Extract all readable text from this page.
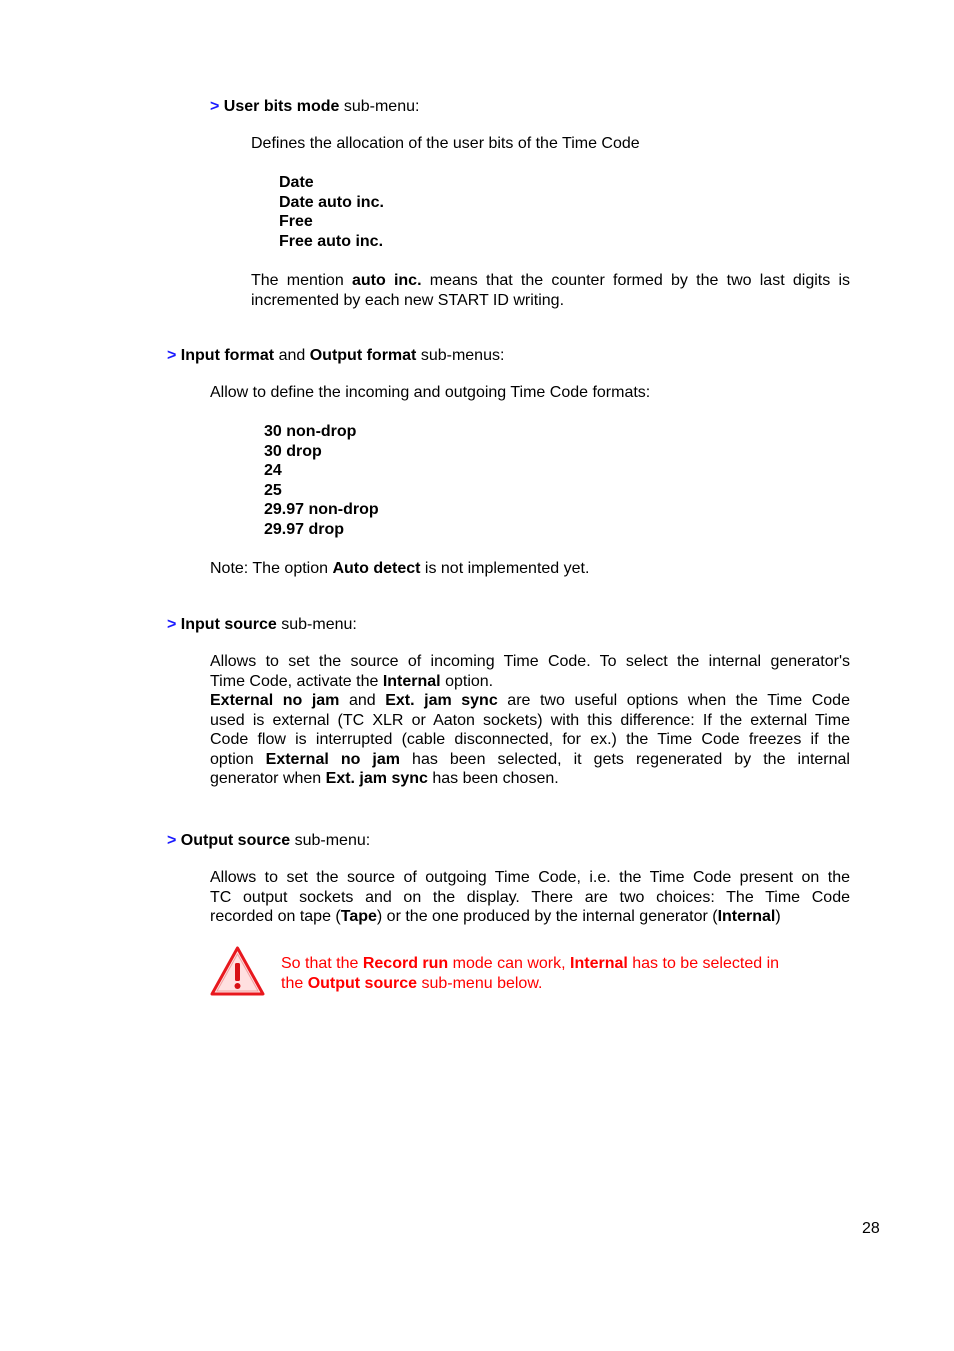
> User bits mode sub-menu:
Defines the allocation of the user bits of the Time Code
Date
Date auto inc.
Free
Free auto inc.
The mention auto inc. means that the counter formed by the two last digits is
incremented by each new START ID writing.
> Input format and Output format sub-menus:
Allow to define the incoming and outgoing Time Code formats:
30 non-drop
30 drop
24
25
29.97 non-drop
29.97 drop
Note: The option Auto detect is not implemented yet.
> Input source sub-menu:
Allows to set the source of incoming Time Code. To select the internal generator's
Time Code, activate the Internal option.
External no jam and Ext. jam sync are two useful options when the Time Code
used is external (TC XLR or Aaton sockets) with this difference: If the external Time
Code flow is interrupted (cable disconnected, for ex.) the Time Code freezes if the
option External no jam has been selected, it gets regenerated by the internal
generator when Ext. jam sync has been chosen.
> Output source sub-menu:
Allows to set the source of outgoing Time Code, i.e. the Time Code present on the
TC output sockets and on the display. There are two choices: The Time Code
recorded on tape (Tape) or the one produced by the internal generator (Internal)
So that the Record run mode can work, Internal has to be selected in
the Output source sub-menu below.
28
